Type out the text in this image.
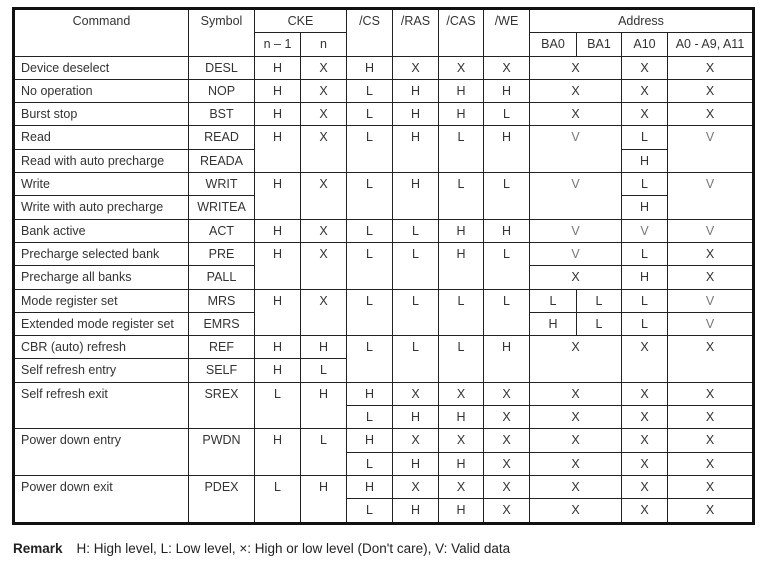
Command	Symbol	CKE		/CS	/RAS	/CAS	/WE	Address			
		n – 1	n					BA0	BA1	A10	A0 - A9, A11
Device deselect	DESL	H	X	H	X	X	X	X		X	X
No operation	NOP	H	X	L	H	H	H	X		X	X
Burst stop	BST	H	X	L	H	H	L	X		X	X
Read	READ	H	X	L	H	L	H	V		L	V
Read with auto precharge	READA									H	
Write	WRIT	H	X	L	H	L	L	V		L	V
Write with auto precharge	WRITEA									H	
Bank active	ACT	H	X	L	L	H	H	V		V	V
Precharge selected bank	PRE	H	X	L	L	H	L	V		L	X
Precharge all banks	PALL							X		H	X
Mode register set	MRS	H	X	L	L	L	L	L	L	L	V
Extended mode register set	EMRS							H	L	L	V
CBR (auto) refresh	REF	H	H	L	L	L	H	X		X	X
Self refresh entry	SELF	H	L								
Self refresh exit	SREX	L	H	H	X	X	X	X		X	X
				L	H	H	X	X		X	X
Power down entry	PWDN	H	L	H	X	X	X	X		X	X
				L	H	H	X	X		X	X
Power down exit	PDEX	L	H	H	X	X	X	X		X	X
				L	H	H	X	X		X	X
Remark H: High level, L: Low level, ×: High or low level (Don't care), V: Valid data
